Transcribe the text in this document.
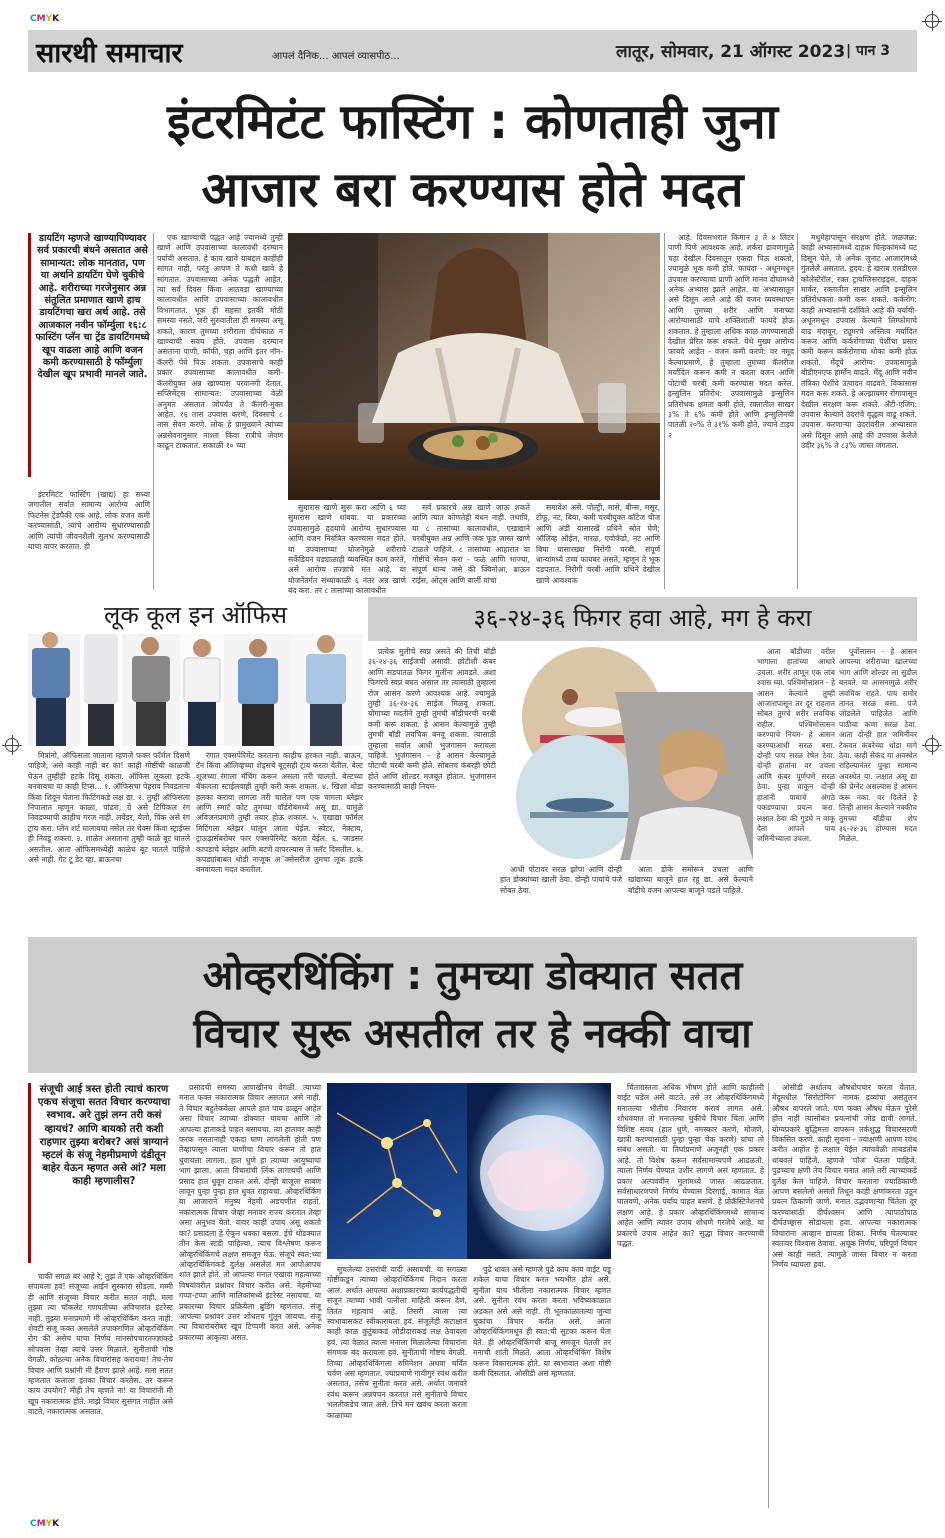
CMYK
CMYK
सारथी समाचार	आपलं दैनिक... आपलं व्यासपीठ...	लातूर, सोमवार, 21 ऑगस्ट 2023 | पान 3
इंटरमिटंट फास्टिंग : कोणताही जुना
आजार बरा करण्यास होते मदत

डायटिंग म्हणजे खाण्यापिण्यावर सर्व प्रकारची बंधने असतात असे सामान्यत: लोक मानतात, पण या अर्थाने डायटिंग घेणे चुकीचे आहे. शरीराच्या गरजेनुसार अन्न संतुलित प्रमाणात खाणे हाच डायटिंगचा खरा अर्थ आहे. तसे आजकाल नवीन फॉर्म्युला १६:८ फास्टिंग प्लॅन चा ट्रेंड डायटिंगमध्ये खूप वाढला आहे आणि वजन कमी करण्यासाठी हे फॉर्म्युला देखील खूप प्रभावी मानले जाते.

इंटरमिटंट फास्टिंग (खाद्य) हा सध्या जगातील सर्वात सामान्य आरोग्य आणि फिटनेस ट्रेंडपैकी एक आहे. लोक वजन कमी करण्यासाठी, त्यांचे आरोग्य सुधारण्यासाठी आणि त्यांची जीवनशैली सुलभ करण्यासाठी याचा वापर करतात. ही

एक खाण्याची पद्धत आहे ज्यामध्ये तुम्ही खाणे आणि उपवासाच्या कालावधी दरम्यान पर्यायी असतात. हे काय खावे याबद्दल काहीही सांगत नाही, परंतु आपण ते कधी खावे हे सांगतात. उपवासाच्या अनेक पद्धती आहेत, त्या सर्व दिवस किंवा आठवडा खाण्याच्या कालावधीत आणि उपवासाच्या कालावधीत विभागतात. भूक ही सहसा इतकी मोठी समस्या नसते, जरी सुरुवातीला ही समस्या असू शकते, कारण तुमच्या शरीराला दीर्घकाळ न खाण्याची सवय होते. उपवास दरम्यान असताना पाणी, कॉफी, चहा आणि इतर नॉन-कॅलरी पेये पिऊ शकता. उपवासाचे काही प्रकार उपवासाच्या कालावधीत कमी-कॅलरीयुक्त अन्न खाण्यास परवानगी देतात. सप्लिमेंट्स सामान्यत: उपवासाच्या वेळी अनुमत असतात जोपर्यंत ते कॅलरी-मुक्त आहेत. १६ तास उपवास करणे, दिवसाचे ८ तास सेवन करणे. लोक हे प्रामुख्याने त्यांच्या अन्नसेवनानुसार नाश्ता किंवा रात्रीचे जेवण काढून टाकतात. सकाळी १० च्या

सुमारास खाणे सुरू करा आणि ६ च्या सुमारास खाणे थांबवा. या प्रकारच्या उपवासामुळे हृदयाचे आरोग्य सुधारण्यास आणि वजन नियंत्रित करण्यास मदत होते. या उपवासाच्या योजनेमुळे शरीराचे सर्केडियन घड्याळाही व्यवस्थित काम करते, असे आरोग्य तज्ज्ञांचे मत आहे. या योजनेंतर्गत संध्याकाळी ६ नंतर अन्न खाणे बंद करा. तर ८ तासांच्या कालावधीत

सर्व प्रकारचे अन्न खाणे जाऊ शकते आणि त्यात कोणतेही बंधन नाही. तथापि, या ८ तासांच्या कालावधीत, एखाद्याने चरबीयुक्त अन्न आणि जंक फूड जास्त खाणे टाळले पाहिजे. ८ तासांच्या आहारात या गोष्टींचे सेवन करा - फळे आणि भाज्या, संपूर्ण धान्य जसे की क्विनोआ, ब्राऊन राईस, ओट्स आणि बार्ली यांचा

समावेश असे. पोल्ट्री, मासे, बीन्स, मसूर, टोफू, नट, बिया, कमी चरबीयुक्त कॉटेज चीज आणि अंडी यासारखे प्रथिने स्रोत घेणे; ऑलिव्ह ऑईल, नारळ, एवोकॅडो, नट आणि बिया यासारख्या निरोगी चरबी. संपूर्ण धान्यांमध्ये उच्च फायबर असते, म्हणून ते भूक दडपतात. निरोगी चरबी आणि प्रथिने देखील खाणे आवश्यक

आहे. दिवसभरात किमान ३ ते ४ लिटर पाणी पिणे आवश्यक आहे. शर्करा द्रावणामुळे चहा देखील दिवसातून एकदा पिऊ शकतो, ज्यामुळे भूक कमी होते. फायदा - अधूनमधून उपवास करण्याचा प्राणी आणि मानव दोघांमध्ये अनेक अभ्यास झाले आहेत. या अभ्यासातून असे दिसून आले आहे की वजन व्यवस्थापन आणि तुमच्या शरीर आणि मनाच्या आरोग्यासाठी याचे शक्तिशाली फायदे होऊ शकतात. हे तुम्हाला अधिक काळ जगण्यासाठी देखील प्रेरित करू शकते. येथे मुख्य आरोग्य फायदे आहेत - वजन कमी करणे: वर नमूद केल्याप्रमाणे, हे तुम्हाला तुमच्या कॅलरीज मर्यादित करून कमी न करता वजन आणि पोटाची चरबी कमी करण्यास मदत करेल. इन्सुलिन प्रतिरोध: उपवासामुळे इन्सुलिन प्रतिरोधक क्षमता कमी होते, रक्तातील साखर ३% ते ६% कमी होते आणि इन्सुलिनची पातळी २०% ते ३१% कमी होते, ज्याने टाइप २

मधुमेहापासून संरक्षण होते. जळजळ: काही अभ्यासांमध्ये दाहक चिन्हकांमध्ये घट दिसून येते, जे अनेक जुनाट आजारांमध्ये गुंतलेले असतात. हृदय: हे खराब एलडीएल कोलेस्टेरॉल, रक्त ट्रायग्लिसराइड्स, दाहक मार्कर, रक्तातील साखर आणि इन्सुलिन प्रतिरोधकता कमी करू शकते. कर्करोग: काही अभ्यासांनी दर्शविले आहे की पर्यायी-अधूनमधून उपवास केल्याने लिम्फोमाचे वाढ मंदावून, ट्यूमरचे अस्तित्व मर्यादित करून आणि कर्करोगाच्या पेशींचा प्रसार कमी करून कर्करोगाचा धोका कमी होऊ शकतो. मेंदूचे आरोग्य: उपवासामुळे बीडीएनएफ हार्मोन वाढते. मेंदू आणि नवीन तंत्रिका पेशींचे उत्पादन वाढवते. विकासास मदत करू शकते. हे अल्झायमर रोगापासून देखील संरक्षण करू शकते. अँटी-एजिंग: उपवास केल्याने उंदरांचे वृद्धत्व वाढू शकते. उपवास करणाऱ्या उंदरांवरील अभ्यासात असे दिसून आले आहे की उपवास केलेले उंदीर ३६% ते ८३% जास्त जगतात.

लूक कूल इन ऑफिस

मित्रांनो, ऑफिसला जाताना म्हणजे फक्त फॉर्मल दिसणे पाहिजे, असे काही नाही बर का! काही गोष्टींची काळजी घेऊन तुम्हीही हटके दिसू शकता. ऑफिस लूकला हटके बनवायचा या काही टिप्स... १. ऑफिसचा पेहराव निवडताना किंवा शिवून घेताना फिटिंगकडे लक्ष द्या. २. तुम्ही ऑफिसला निपालात म्हणून काळा, पांढरा, ग्रे असे टिपिकल रंग निवडण्याची काहीच गरज नाही. लवेंडर, येलो, पिंक असे रंग ट्राय करा. प्लेन शर्ट घालायचा नसेल तर चेक्स किंवा स्ट्राईप्स ही निवडू शकता. ३. शाळेत असताना तुम्ही काळे बूट घातले असतील. आता ऑफिसमध्येही काळेच बूट घातले पाहिजे असे नाही. गेट टू डेट व्हा. ब्राऊनचा

रंगात एक्सपेरिमेंट करताना काहीच हरकत नाही. ब्राऊन, टॅन किंवा ऑलिव्हच्या शेड्सचे बूट्सही ट्राय करता येतील. बेल्ट शूजच्या रंगाला मॅचिंग करून असला तरी चालतो. बेल्टच्या बॅकलला स्टाईलवाही तुम्ही करी करू शकता. ४. खिशा थोडा हलका करावा लागला तरी चालेल पण एक चांगला ब्लेझर आणि स्मार्ट कोट तुमच्या वॉर्डरोबमध्ये असू द्या. यामुळे अविजनप्रमाणे तुम्ही तयार होऊ शकाल. ५. एखाद्या फॉर्मल मिटिंगला ब्लेझर घालून जाता येईल. स्वेटर, नेक्टाय, ट्राऊझर्सबरोबर फार एक्सपेरिमेंट करता येईल. ६. जाडसर कापडाचे ब्लेझर आणि बटणे वापरल्यास ते फ्लॅट दिसतील. ७. कपड्यांबाबत थोडी नाजूक अॅक्सेसरीज तुमचा लूक हटके बनवायला मदत करतील.

३६-२४-३६ फिगर हवा आहे, मग हे करा

प्रत्येक मुलीचे स्वप्न असते की तिची बॉडी ३६-२४-३६ साईजची असावी. छोटीशी कंबर आणि सडपातळ फिगर मुलींना आवडते. अशा फिगरचे स्वप्न बघत असाल तर त्यासाठी तुम्हाला रोज आसन करणे आवश्यक आहे. ज्यामुळे तुम्ही ३६-२४-३६ साईज मिळवू शकता. योगाच्या मदतीने तुम्ही तुमची बॉडीचरची चरबी कमी करू शकता. हे आसन केल्यामुळे तुम्ही तुमची बॉडी लवचिक बनवू शकता. त्यासाठी तुम्हाला सर्वात आधी भुजंगासन करायला पाहिजे. भुजंगासन - हे आसन केल्यामुळे पोटाची चरबी कमी होते. सोबतच कंबरही छोटी होते आणि शोल्डर मजबूत होतात. भुजंगासन करण्यासाठी काही नियम-

आधी पोटावर सरळ झोपा आणि दोन्ही हात डोक्यांच्या खाली ठेवा. दोन्ही पायांचे पंजे सोबत ठेवा.

आता डोके समोरून उचला आणि खांद्याच्या बाजूने हात रहू द्या. असे केल्याने बॉडीचे वजन आपल्या बाजूने पडले पाहिजे.

आता बॉडीच्या वरील भागाला हातांच्या आधारे उचला. शरीर ताणून एक लांब श्वास घ्या. पश्चिमोत्तासन - हे आसन केल्याने तुम्ही आजारापासून तर दूर राहतात सोबत तुमचे शरीर लवचिक राहील. पश्चिमोत्तासन करण्याचे नियम- हे आसन करण्याआधी सरळ बसा. दोन्ही पाय सरळ रेषेत ठेवा. दोन्ही हातांना वर उचला आणि कंबर पूर्णपणे सरळ ठेवा. पुन्हा वाकून दोन्ही हातांनी पायाचे अंगठे पकडण्याचा प्रयत्न करा. लक्षात ठेवा की गुडघे न वाकू देता आपले पाय जमिनीच्याला उचला.

पूर्वोत्तासन - हे आसन आपल्या शरीराच्या खालच्या भाग आणि शोल्डर ला सुडौल बनवते. या आसनामुळे शरीर लवचिक राहते. पाय समोर तानत सरळ बसा. पंजे जोडलेले पाहिजेत आणि पाठीचा कणा सरळ ठेवा. आता दोन्ही हात जमिनीवर टेकवत कंबरेच्या थोडा मागे ठेवा. काही सेकंद या अवस्थेत राहिल्यानंतर पुन्हा सामान्य अवस्थेत या. लक्षात असू द्या की प्रेग्नेंट असल्यास हे आसन करू नका. वर दिलेले हे तिन्ही आसन केल्याने नक्कीच तुमच्या बॉडीचा शेप ३६-२४-३६ होण्यास मदत मिळेल.

ओव्हरथिंकिंग : तुमच्या डोक्यात सतत
विचार सुरू असतील तर हे नक्की वाचा

संजूची आई त्रस्त होती त्याचं कारण एकच संजूचा सतत विचार करण्याचा स्वभाव. अरे तुझं लग्न तरी कसं व्हायचं? आणि बायको तरी कशी राहणार तुझ्या बरोबर? असं त्राग्यानं म्हटलं के संजू नेहमीप्रमाणे दंडीतून बाहेर येऊन म्हणत असे आं? मला काही म्हणालीस?

चाकी सगळं बरं आहे रे, तुझं ते एक ओव्हरथिंकिंग संपायला हवं! संजूच्या आईनं सुस्कारा सोडला. मम्मी ही आणि संजूच्या विचार करीत सतत नाही. मला तुझ्या त्या चॉकलेट गणपतीच्या अविचारांत इंटरेस्ट नाही. तुझ्या मनाप्रमाणे मी ओव्हरथिंकिंग करत नाही. शेवटी संजू फक्त असलेले तपाकगणित ओव्हरथिंकिंग रोग की असेच याचा निर्णय मानसोपचारतज्ज्ञांकडे सोपवला तेव्हा त्यांचे उत्तर मिळाले. सुनीताची गोष्ट वेगळी. कोठल्या अनेक विचारांसह करायचा! तेच-तेच विचार आणि प्रश्नांनी मी हैराण झाले आहे. मला सतत म्हणतात कलाला इतका विचार करतेस. तर करून काय उपयोग? मीही तेच म्हणते ना! या विचारांनी मी खूप नकारात्मक होते. माझे विचार सुसंगत नाहीत असे वाटते, नकारात्मक असतात.

प्रसादची समस्या आणखीनच वेगळी. त्याच्या मनात फक्त नकारात्मक विचार असतात असे नाही. ते विचार बहुतेकवेळा आपले हात पाय ढाळून आहेत असा विचार त्याच्या डोक्यात यायचा आणि तो आपल्या हाताकडे पाहत बसायचा. त्या हातावर काही फरक नसतानाही एकदा घाण लागलेली होती पण तेव्हापासून त्याला घाणीचा विचार करून तो हात धुवायला लागला. हात धुणे हा त्याच्या आयुष्याचा भाग झाला. आता विचारांची लिंक लागायची आणि प्रसाद हात धुवून टाकत असे. दोन्ही बाजूला साबण लावून पुन्हा पुन्हा हात धुवत राहायचा. ओव्हरथिंकिंग या आजाराने मनुष्य नेहमी अडचणीत राहतो. नकारात्मक विचार जेव्हा मनावर राज्य करतात तेव्हा असा अनुभव येतो. यावर काही उपाय असू शकतो का? प्रसादला हे ऐकून धक्का बसला. ईचे थोडक्यात तीन केस स्टडी पाहिल्या. त्याच विश्लेषण करून ओव्हरथिंकिंगचे लक्षण समजून घेऊ. संजूचे स्वत:च्या ओव्हरथिंकिंगकडे दुर्लक्ष असलेलं मत आपोआपच शांत झाले होते. तो आपल्या मनात एखादा महत्वाच्या विषयांवरील प्रश्नांवर विचार करीत असे. नेहमीच्या गप्पा-टप्पा आणि मालिकांमध्ये इंटरेस्ट नसायचा. या प्रकारच्या विचार प्रक्रियेला ब्रुडिंग म्हणतात. संजू आपल्या प्रश्नांवर उत्तर शोधतच गुंतून जायचा. संजू त्या विचारांबरोबर खूप टिप्पणी करत असे. अनेक प्रकारच्या आकृत्या असत.

सुचलेल्या उत्तरांची यादी असायची. या सगळ्या गोष्टींकडून त्याच्या ओव्हरथिंकिंगचं निदान करता आलं. अर्थात आपल्या अशाप्रकारच्या कार्यपद्धतीची संजूनं त्याच्या भावी पत्नीला माहिती करून देणं, तितंत महत्वाचं आहे. तिसरी त्याला त्या स्वभावासकट स्वीकारायला हवं. संजूलेही कटाक्षानं काही काळ कुटुंबाकडं जोडीदाराकडं लक्ष ठेवायला हवं. त्या वेळात त्याला मनाला मिळालेल्या विचारांना संगणक बंद करायला हवं. सुनीताची गोष्टच वेगळी. तिच्या ओव्हरथिंकिंगला रुमिनेशन अथवा चर्वित चर्वण असं म्हणतात. ज्याप्रमाणे गायीगुरं रवंथ करीत असतात, तसेच सुनीता करत असे. अर्थात जनावरे रवंथ करून अन्नपचन करतात तसे सुनीताचे विचार भलतीकडेच जात असे. तिचे मन खवंथ करता करता काळाच्या

पुढे धावत असे म्हणजे पुढे काय काय वाईट घडू शकेल याचा विचार करत भयभीत होत असे. सुनीता याच भीतीला नकारात्मक विचार म्हणत असे. सुनीता रवंथ करता करता भविष्यकाळात अडकत असे असे नाही. ती भूतकाळातल्या जुन्या चुकांचा विचार करीत असे. आता ओव्हरथिंकिंगमधून ही स्वत:ची सुटका करून घेता येते. ही ओव्हरथिंकिंगची बाजू समजून घेतली तर मनाची शांती मिळते. आता ओव्हरथिंकिंग विशेष करून विकारात्मक होते. या स्वभावात अशा गोष्टी कमी दिसतात. ओसीडी असं म्हणतात.

चिंताग्रस्तता अधिक भीषण होते आणि काहीतरी वाईट घडेल असे वाटते. तसे तर ओव्हरथिंकिंगमध्ये मनातल्या भीतीचं निवारण करावं लागत असे. शोधवयात तो मनातल्या चुकीचे विचार चिंता आणि विशिष्ट सवय (हात धुणे, नमस्कार करणे, मोजणे, खात्री करण्यासाठी पुन्हा पुन्हा चेक करणे) यांचा तो संबंध असतो. या तिघांप्रमाणे अजूनही एक प्रकार आहे. तो विशेष करून सर्वसामान्यपणे आढळतो. त्याला निर्णय घेण्यात उशीर लागणे असं म्हणतात. हे प्रकार अल्पवयीन मुलांमध्ये जास्त आढळतात. सर्वसाधारणपणे निर्णय घेण्यास दिरंगाई, कामात वेळ घालवणे, अनेक पर्याय पाहत बसणे. हे प्रोक्रॅस्टिनेशनचे लक्षण आहे. हे प्रकार ओव्हरथिंकिंगमध्ये सामान्य आहेत आणि त्यावर उपाय शोधणे गरजेचे आहे. या प्रकारचे उपाय आहेत का? सुद्धा विचार करण्याची पद्धत.

ओसीडी अर्थातच औषधोपचार करता येतात. मेंदूमधील 'सिरोटोनिन' नामक द्रव्यांचा असंतुलन औषध वापरले जाते. पण फक्त औषध घेऊन पुरेसे होत नाही त्यासोबत प्रयत्नांची जोड द्यावी लागते. योग्यप्रकारे बुद्धिमत्ता वापरून तर्कशुद्ध विचारसरणी विकसित करणे. काही सूचना - ज्याक्षणी आपण रवंथ करीत आहोत हे लक्षात येईल त्याचवेळी ताबडतोब थांबवलं पाहिजे. म्हणजे 'पॉज' घेतला पाहिजे. पुढच्याच क्षणी तेच विचार मनात आले तरी त्याच्याकडे दुर्लक्ष केलं पाहिजे. विचार करताना ज्याठिकाणी आपण बसलेलो असतो तिथून काही क्षणांकरता उठून प्रयत्न ठिकाणी जाणे. मनात उद्भवणाऱ्या चिंतेला दूर करण्यासाठी दीर्घश्वसन आणि त्यापाठोपाठ दीर्घउच्छ्वास सोडायला हवा. आपल्या नकारात्मक विचारांना आव्हान द्यायला शिका. निर्णय घेतल्यावर स्वतःवर विश्वास ठेवावा. अचूक निर्णय, परिपूर्ण विचार असं काही नसते. त्यामुळे जास्त विचार न करता निर्णय घ्यायला हवा.
